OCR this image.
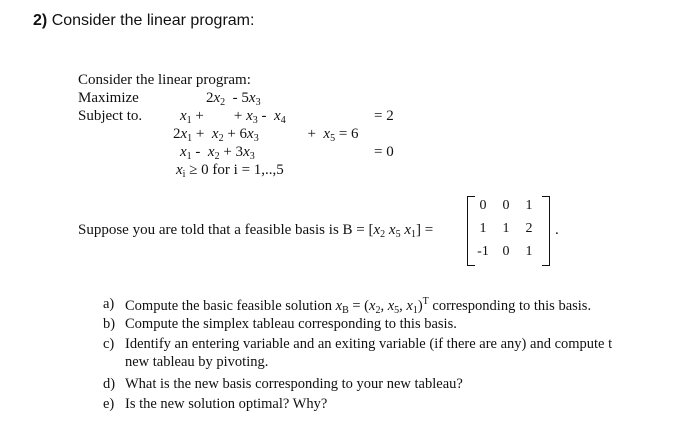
2) Consider the linear program:
Consider the linear program:
Maximize
Subject to.
$2x_2 - 5x_3$
$x_1$ +        + $x_3 - x_4$	= 2
$2x_1 + x_2 + 6x_3$             +  $x_5 = 6$
$x_1 - x_2 + 3x_3$	= 0
$x_i \ge 0$ for i = 1,..,5
Suppose you are told that a feasible basis is $B = [x_2$ $x_5$ $x_1$] =	.
0	0	1
1	1	2
-1 0	1
a) Compute the basic feasible solution $x_B = (x_2$, $x_5$, $x_1)^T$ corresponding to this basis.
b) Compute the simplex tableau corresponding to this basis.
c) Identify an entering variable and an exiting variable (if there are any) and compute t
new tableau by pivoting.
d) What is the new basis corresponding to your new tableau?
e) Is the new solution optimal? Why?
